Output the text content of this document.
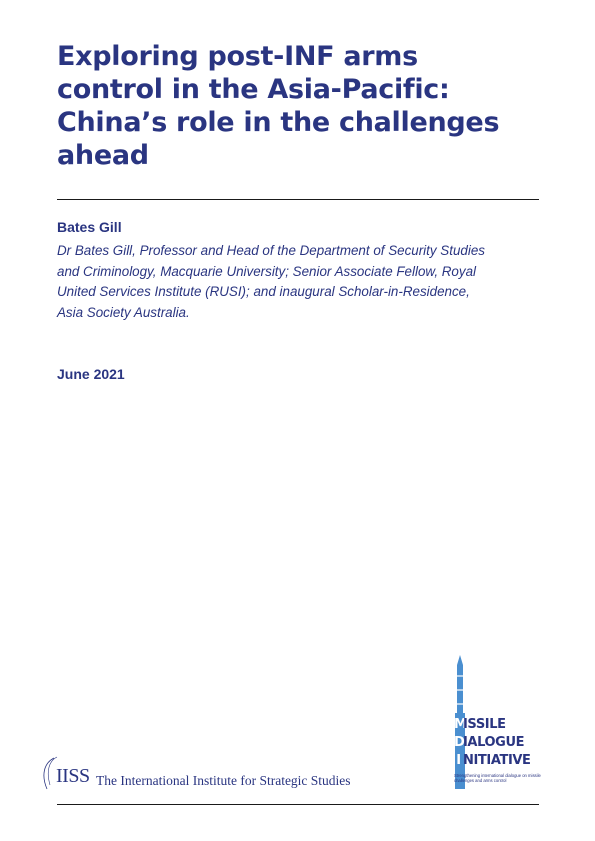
Exploring post-INF arms
control in the Asia-Pacific:
China’s role in the challenges
ahead
Bates Gill
Dr Bates Gill, Professor and Head of the Department of Security Studies
and Criminology, Macquarie University; Senior Associate Fellow, Royal
United Services Institute (RUSI); and inaugural Scholar-in-Residence,
Asia Society Australia.
June 2021
MISSILE
DIALOGUE
I NITIATIVE
Strengthening international dialogue on missile challenges and arms control
IISS The International Institute for Strategic Studies
